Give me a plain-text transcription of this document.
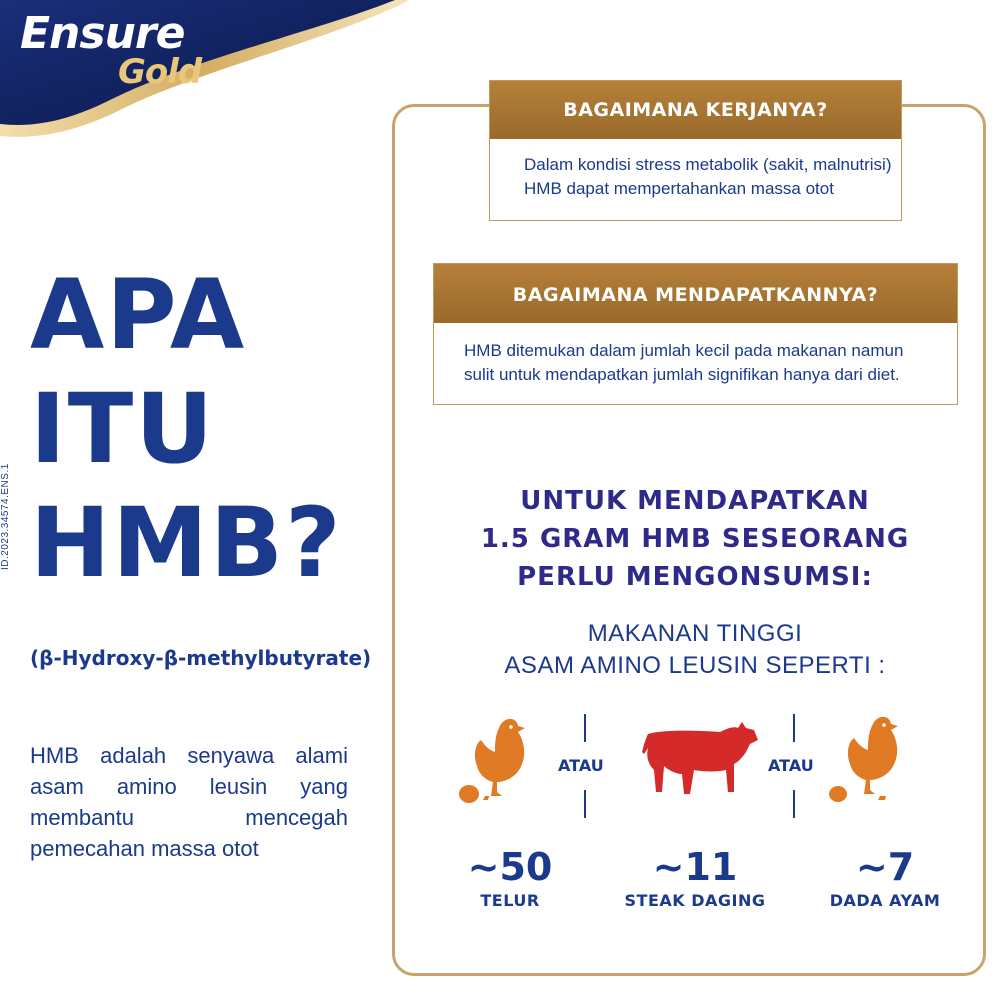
Ensure
Gold
ID.2023.34574.ENS.1
APA
ITU
HMB?
(β-Hydroxy-β-methylbutyrate)
HMB adalah senyawa alami
asam amino leusin yang
membantu mencegah
pemecahan massa otot
BAGAIMANA KERJANYA?
Dalam kondisi stress metabolik (sakit, malnutrisi)
HMB dapat mempertahankan massa otot
BAGAIMANA MENDAPATKANNYA?
HMB ditemukan dalam jumlah kecil pada makanan namun
sulit untuk mendapatkan jumlah signifikan hanya dari diet.
UNTUK MENDAPATKAN
1.5 GRAM HMB SESEORANG
PERLU MENGONSUMSI:
MAKANAN TINGGI
ASAM AMINO LEUSIN SEPERTI :
ATAU	ATAU
~50
TELUR
~11
STEAK DAGING
~7
DADA AYAM
